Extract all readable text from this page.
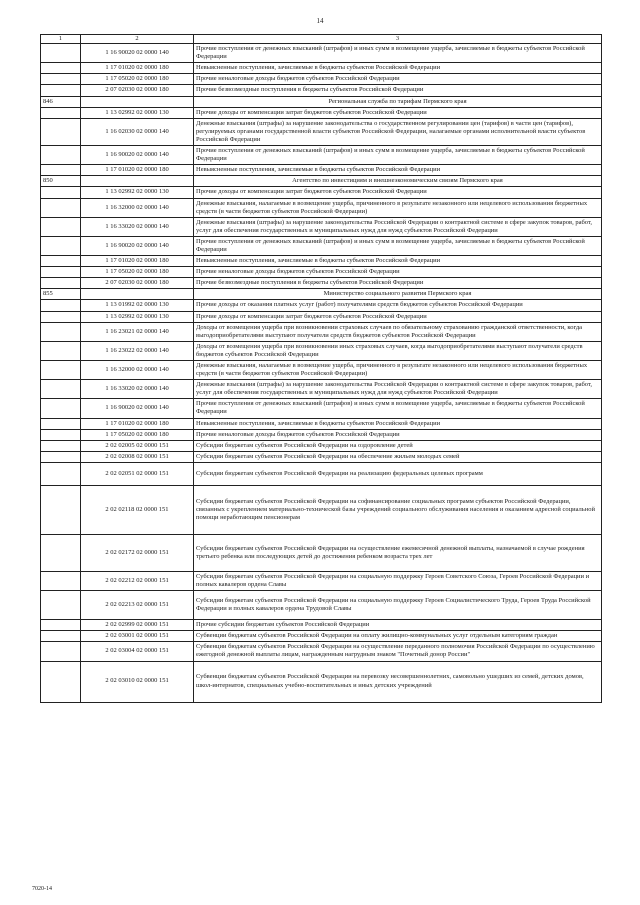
14
1	2	3
	1 16 90020 02 0000 140	Прочие поступления от денежных взысканий (штрафов) и иных сумм в возмещение ущерба, зачисляемые в бюджеты субъектов Российской Федерации
	1 17 01020 02 0000 180	Невыясненные поступления, зачисляемые в бюджеты субъектов Российской Федерации
	1 17 05020 02 0000 180	Прочие неналоговые доходы бюджетов субъектов Российской Федерации
	2 07 02030 02 0000 180	Прочие безвозмездные поступления в бюджеты субъектов Российской Федерации
846		Региональная служба по тарифам Пермского края
	1 13 02992 02 0000 130	Прочие доходы от компенсации затрат бюджетов субъектов Российской Федерации
	1 16 02030 02 0000 140	Денежные взыскания (штрафы) за нарушение законодательства о государственном регулировании цен (тарифов) в части цен (тарифов), регулируемых органами государственной власти субъектов Российской Федерации, налагаемые органами исполнительной власти субъектов Российской Федерации
	1 16 90020 02 0000 140	Прочие поступления от денежных взысканий (штрафов) и иных сумм в возмещение ущерба, зачисляемые в бюджеты субъектов Российской Федерации
	1 17 01020 02 0000 180	Невыясненные поступления, зачисляемые в бюджеты субъектов Российской Федерации
850		Агентство по инвестициям и внешнеэкономическим связям Пермского края
	1 13 02992 02 0000 130	Прочие доходы от компенсации затрат бюджетов субъектов Российской Федерации
	1 16 32000 02 0000 140	Денежные взыскания, налагаемые в возмещение ущерба, причиненного в результате незаконного или нецелевого использования бюджетных средств (в части бюджетов субъектов Российской Федерации)
	1 16 33020 02 0000 140	Денежные взыскания (штрафы) за нарушение законодательства Российской Федерации о контрактной системе в сфере закупок товаров, работ, услуг для обеспечения государственных и муниципальных нужд для нужд субъектов Российской Федерации
	1 16 90020 02 0000 140	Прочие поступления от денежных взысканий (штрафов) и иных сумм в возмещение ущерба, зачисляемые в бюджеты субъектов Российской Федерации
	1 17 01020 02 0000 180	Невыясненные поступления, зачисляемые в бюджеты субъектов Российской Федерации
	1 17 05020 02 0000 180	Прочие неналоговые доходы бюджетов субъектов Российской Федерации
	2 07 02030 02 0000 180	Прочие безвозмездные поступления в бюджеты субъектов Российской Федерации
855		Министерство социального развития Пермского края
	1 13 01992 02 0000 130	Прочие доходы от оказания платных услуг (работ) получателями средств бюджетов субъектов Российской Федерации
	1 13 02992 02 0000 130	Прочие доходы от компенсации затрат бюджетов субъектов Российской Федерации
	1 16 23021 02 0000 140	Доходы от возмещения ущерба при возникновении страховых случаев по обязательному страхованию гражданской ответственности, когда выгодоприобретателями выступают получатели средств бюджетов субъектов Российской Федерации
	1 16 23022 02 0000 140	Доходы от возмещения ущерба при возникновении иных страховых случаев, когда выгодоприобретателями выступают получатели средств бюджетов субъектов Российской Федерации
	1 16 32000 02 0000 140	Денежные взыскания, налагаемые в возмещение ущерба, причиненного в результате незаконного или нецелевого использования бюджетных средств (в части бюджетов субъектов Российской Федерации)
	1 16 33020 02 0000 140	Денежные взыскания (штрафы) за нарушение законодательства Российской Федерации о контрактной системе в сфере закупок товаров, работ, услуг для обеспечения государственных и муниципальных нужд для нужд субъектов Российской Федерации
	1 16 90020 02 0000 140	Прочие поступления от денежных взысканий (штрафов) и иных сумм в возмещение ущерба, зачисляемые в бюджеты субъектов Российской Федерации
	1 17 01020 02 0000 180	Невыясненные поступления, зачисляемые в бюджеты субъектов Российской Федерации
	1 17 05020 02 0000 180	Прочие неналоговые доходы бюджетов субъектов Российской Федерации
	2 02 02005 02 0000 151	Субсидии бюджетам субъектов Российской Федерации на оздоровление детей
	2 02 02008 02 0000 151	Субсидии бюджетам субъектов Российской Федерации на обеспечение жильем молодых семей
	2 02 02051 02 0000 151	Субсидии бюджетам субъектов Российской Федерации на реализацию федеральных целевых программ
	2 02 02118 02 0000 151	Субсидии бюджетам субъектов Российской Федерации на софинансирование социальных программ субъектов Российской Федерации, связанных с укреплением материально-технической базы учреждений социального обслуживания населения и оказанием адресной социальной помощи неработающим пенсионерам
	2 02 02172 02 0000 151	Субсидии бюджетам субъектов Российской Федерации на осуществление ежемесячной денежной выплаты, назначаемой в случае рождения третьего ребенка или последующих детей до достижения ребенком возраста трех лет
	2 02 02212 02 0000 151	Субсидии бюджетам субъектов Российской Федерации на социальную поддержку Героев Советского Союза, Героев Российской Федерации и полных кавалеров ордена Славы
	2 02 02213 02 0000 151	Субсидии бюджетам субъектов Российской Федерации на социальную поддержку Героев Социалистического Труда, Героев Труда Российской Федерации и полных кавалеров ордена Трудовой Славы
	2 02 02999 02 0000 151	Прочие субсидии бюджетам субъектов Российской Федерации
	2 02 03001 02 0000 151	Субвенции бюджетам субъектов Российской Федерации на оплату жилищно-коммунальных услуг отдельным категориям граждан
	2 02 03004 02 0000 151	Субвенции бюджетам субъектов Российской Федерации на осуществление переданного полномочия Российской Федерации по осуществлению ежегодной денежной выплаты лицам, награжденным нагрудным знаком "Почетный донор России"
	2 02 03010 02 0000 151	Субвенции бюджетам субъектов Российской Федерации на перевозку несовершеннолетних, самовольно ушедших из семей, детских домов, школ-интернатов, специальных учебно-воспитательных и иных детских учреждений
7020-14
